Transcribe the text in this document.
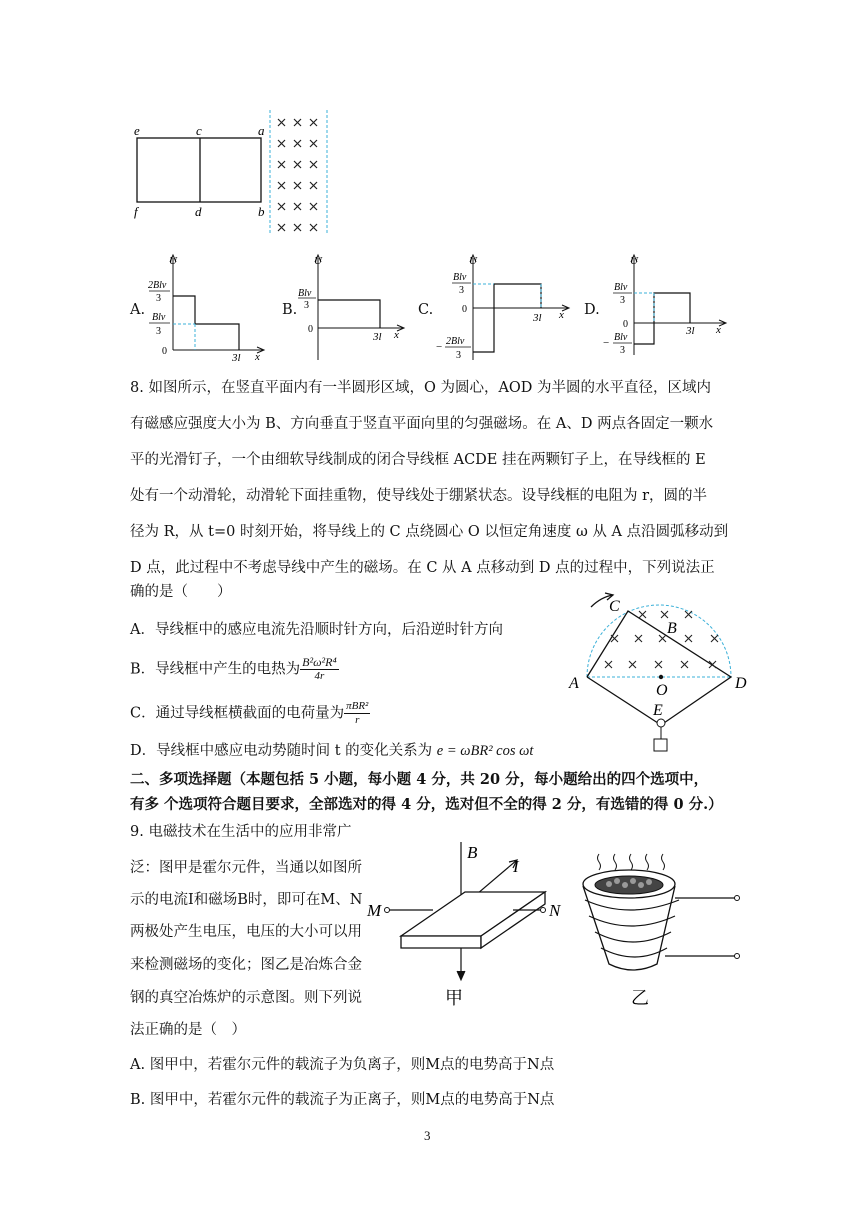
e	c	a
f	d	b
A.
U
x
2Blv
3
Blv
3
0
3l
B.
U
x
Blv
3
0
3l
C.
U
x
Blv
3
0
− 2Blv
3
3l	D.
U
x
Blv
3
0
− Blv
3
3l
8. 如图所示，在竖直平面内有一半圆形区域，O 为圆心，AOD 为半圆的水平直径，区域内
有磁感应强度大小为 B、方向垂直于竖直平面向里的匀强磁场。在 A、D 两点各固定一颗水
平的光滑钉子，一个由细软导线制成的闭合导线框 ACDE 挂在两颗钉子上，在导线框的 E
处有一个动滑轮，动滑轮下面挂重物，使导线处于绷紧状态。设导线框的电阻为 r，圆的半
径为 R，从 t=0 时刻开始，将导线上的 C 点绕圆心 O 以恒定角速度 ω 从 A 点沿圆弧移动到
D 点，此过程中不考虑导线中产生的磁场。在 C 从 A 点移动到 D 点的过程中，下列说法正
确的是（　　）
A．导线框中的感应电流先沿顺时针方向，后沿逆时针方向
B．导线框中产生的电热为 $\frac{\text{B²ω²R⁴}}{4r}$
C．通过导线框横截面的电荷量为 $\frac{\text{πBR²}}{r}$
D．导线框中感应电动势随时间 t 的变化关系为 e = ωBR² cos ωt
C
B
A	O	D
E
二、多项选择题（本题包括 5 小题，每小题 4 分，共 20 分，每小题给出的四个选项中，
有多 个选项符合题目要求，全部选对的得 4 分，选对但不全的得 2 分，有选错的得 0 分.）
9. 电磁技术在生活中的应用非常广
泛：图甲是霍尔元件，当通以如图所
示的电流I和磁场B时，即可在M、N
两极处产生电压，电压的大小可以用
来检测磁场的变化；图乙是冶炼合金
钢的真空冶炼炉的示意图。则下列说
法正确的是（　）
A. 图甲中，若霍尔元件的载流子为负离子，则M点的电势高于N点
B. 图甲中，若霍尔元件的载流子为正离子，则M点的电势高于N点
B
I
M	N
甲	乙
3
